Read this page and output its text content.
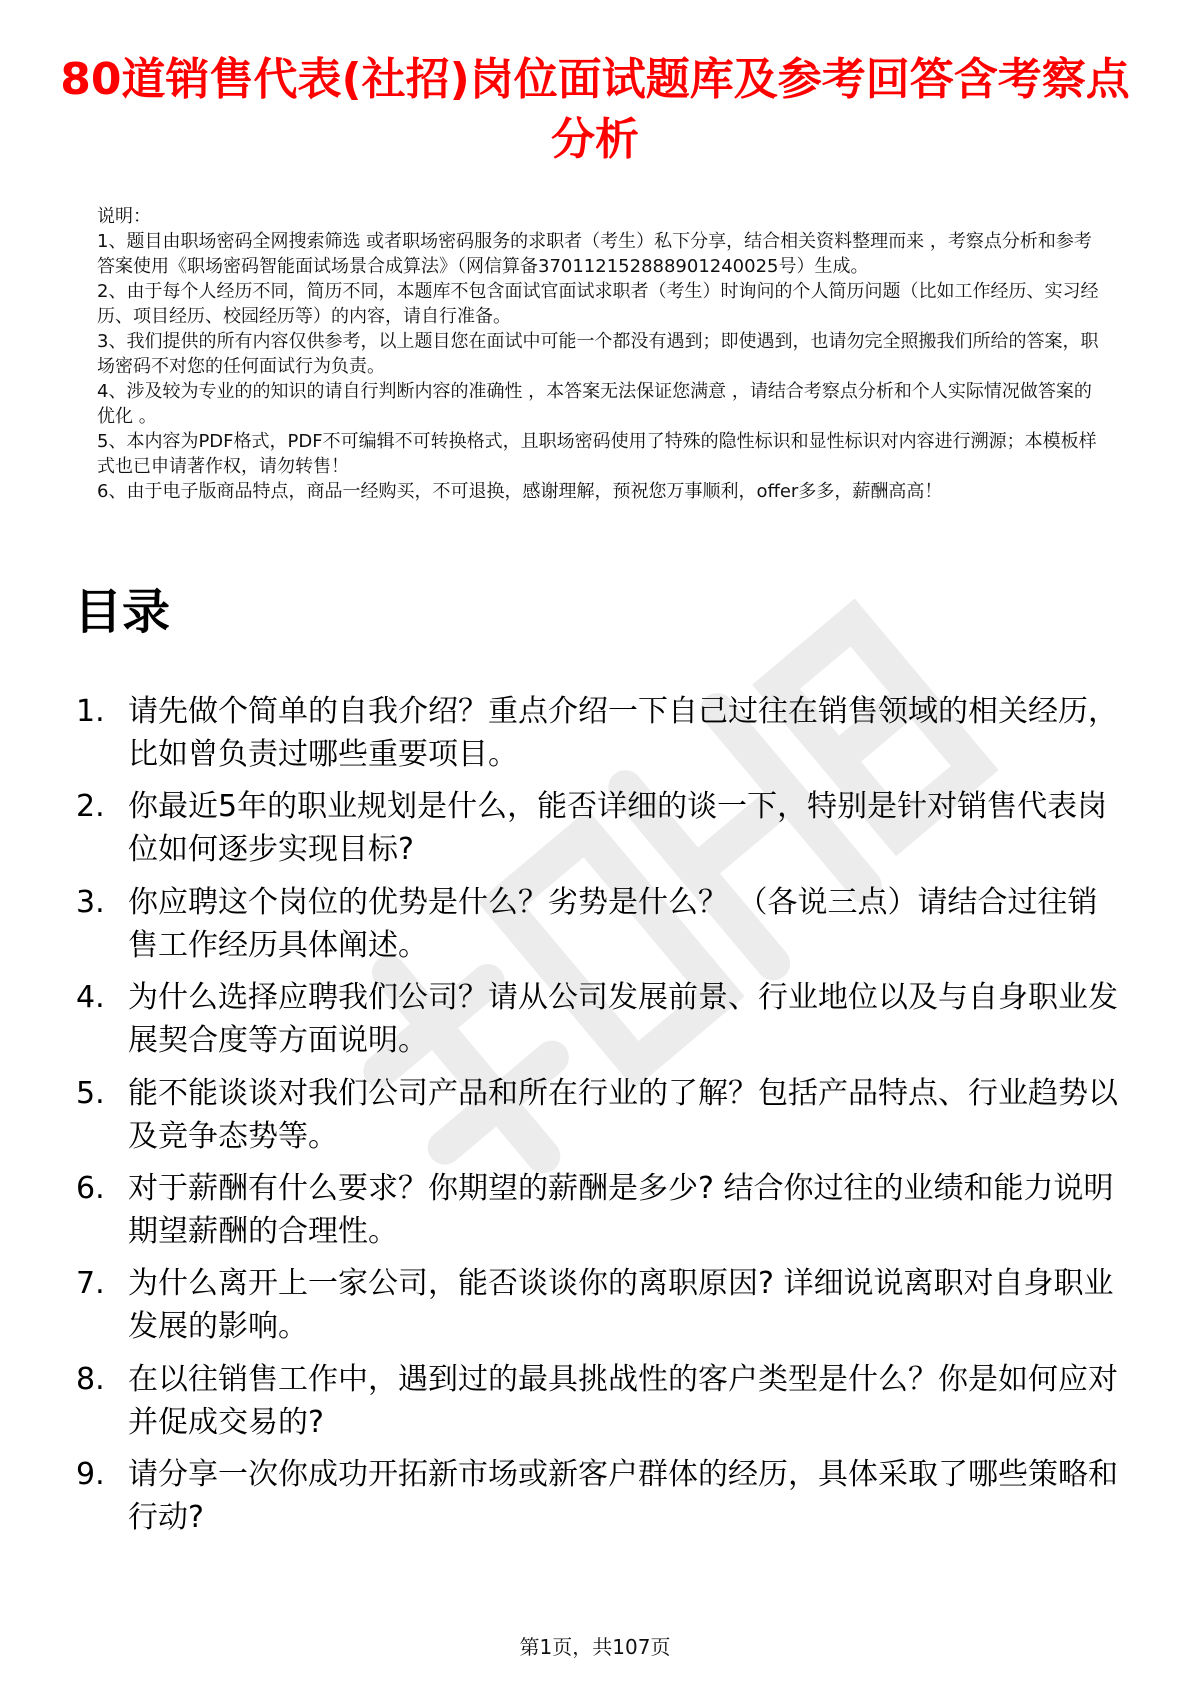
80道销售代表(社招)岗位面试题库及参考回答含考察点分析

说明：

1、题目由职场密码全网搜索筛选 或者职场密码服务的求职者（考生）私下分享，结合相关资料整理而来 ，考察点分析和参考答案使用《职场密码智能面试场景合成算法》（网信算备370112152888901240025号）生成。

2、由于每个人经历不同，简历不同，本题库不包含面试官面试求职者（考生）时询问的个人简历问题（比如工作经历、实习经历、项目经历、校园经历等）的内容，请自行准备。

3、我们提供的所有内容仅供参考，以上题目您在面试中可能一个都没有遇到；即使遇到，也请勿完全照搬我们所给的答案，职场密码不对您的任何面试行为负责。

4、涉及较为专业的的知识的请自行判断内容的准确性 ，本答案无法保证您满意 ，请结合考察点分析和个人实际情况做答案的优化 。

5、本内容为PDF格式，PDF不可编辑不可转换格式，且职场密码使用了特殊的隐性标识和显性标识对内容进行溯源；本模板样式也已申请著作权，请勿转售！

6、由于电子版商品特点，商品一经购买，不可退换，感谢理解，预祝您万事顺利，offer多多，薪酬高高！

目录
1. 请先做个简单的自我介绍？重点介绍一下自己过往在销售领域的相关经历，比如曾负责过哪些重要项目。
2. 你最近5年的职业规划是什么，能否详细的谈一下，特别是针对销售代表岗位如何逐步实现目标?
3. 你应聘这个岗位的优势是什么？劣势是什么？ （各说三点）请结合过往销售工作经历具体阐述。
4. 为什么选择应聘我们公司？请从公司发展前景、行业地位以及与自身职业发展契合度等方面说明。
5. 能不能谈谈对我们公司产品和所在行业的了解？包括产品特点、行业趋势以及竞争态势等。
6. 对于薪酬有什么要求？你期望的薪酬是多少? 结合你过往的业绩和能力说明期望薪酬的合理性。
7. 为什么离开上一家公司，能否谈谈你的离职原因? 详细说说离职对自身职业发展的影响。
8. 在以往销售工作中，遇到过的最具挑战性的客户类型是什么？你是如何应对并促成交易的?
9. 请分享一次你成功开拓新市场或新客户群体的经历，具体采取了哪些策略和行动?
第1页，共107页
